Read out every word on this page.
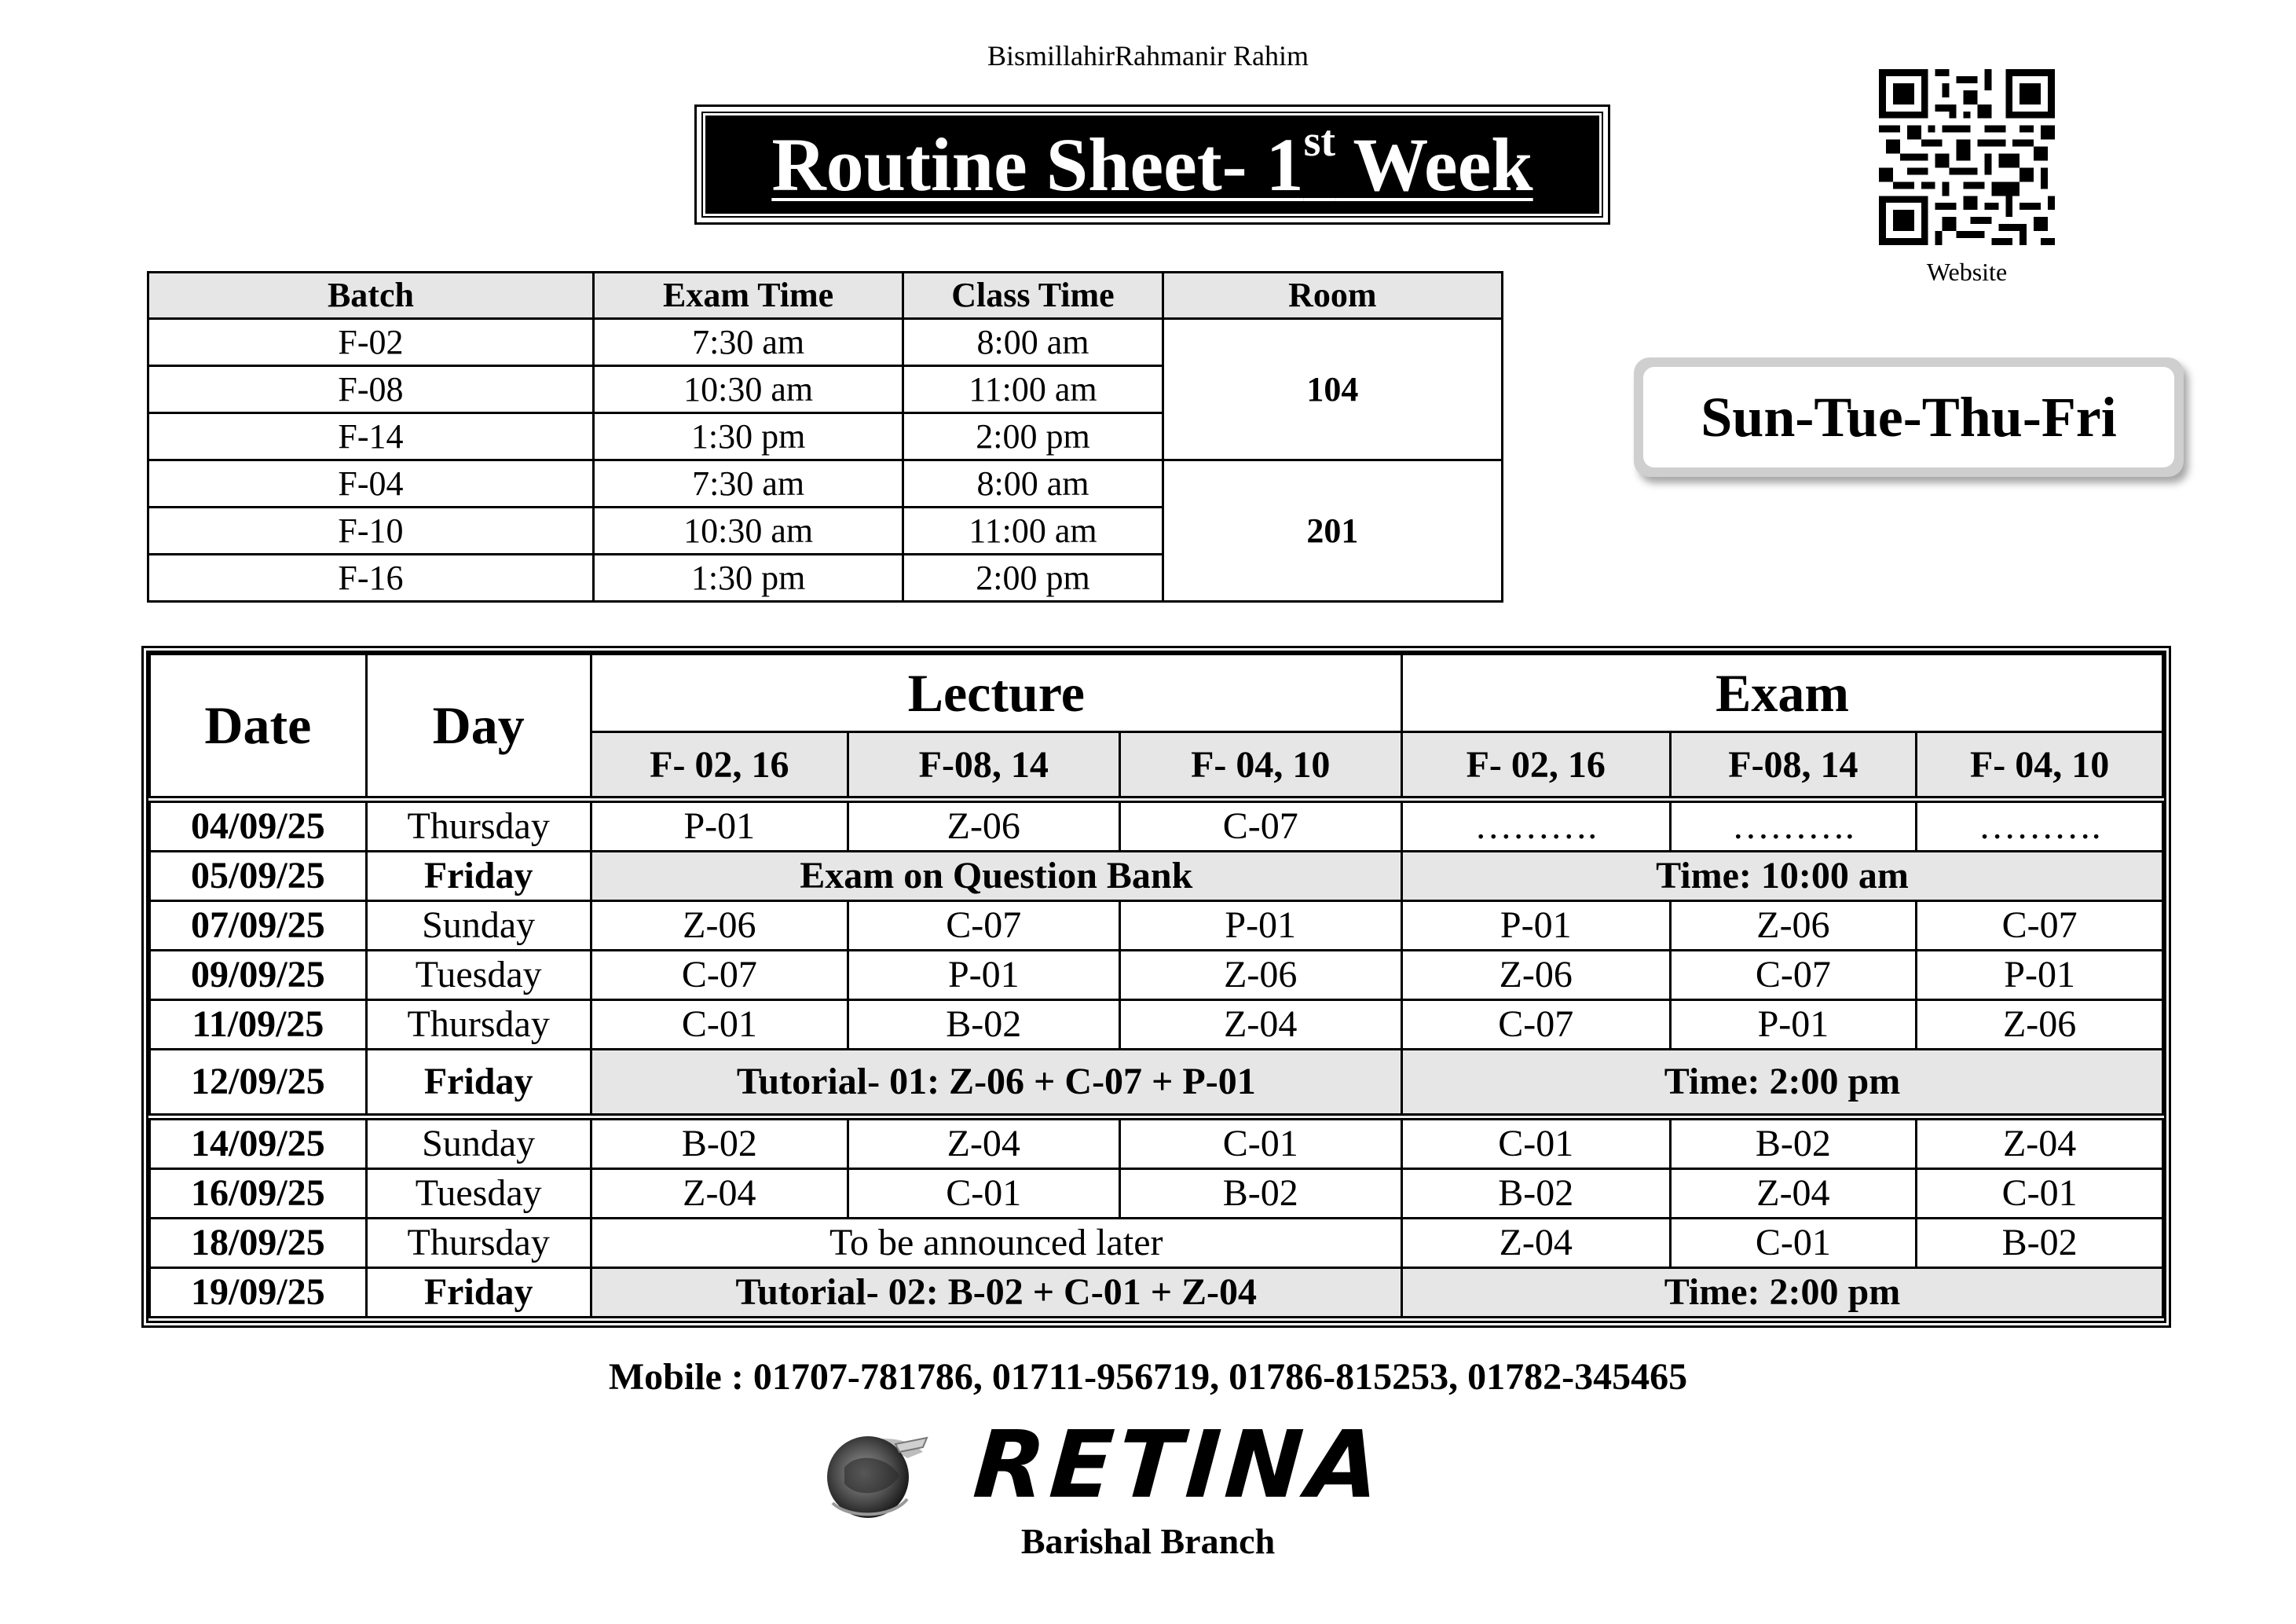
BismillahirRahmanir Rahim
Routine Sheet- 1st Week
Website
Sun-Tue-Thu-Fri
Batch	Exam Time	Class Time	Room
F-02	7:30 am	8:00 am	104
F-08	10:30 am	11:00 am	
F-14	1:30 pm	2:00 pm	
F-04	7:30 am	8:00 am	201
F-10	10:30 am	11:00 am	
F-16	1:30 pm	2:00 pm	
Date	Day	Lecture			Exam		
		F- 02, 16	F-08, 14	F- 04, 10	F- 02, 16	F-08, 14	F- 04, 10
04/09/25	Thursday	P-01	Z-06	C-07	……….	……….	……….
05/09/25	Friday	Exam on Question Bank			Time: 10:00 am		
07/09/25	Sunday	Z-06	C-07	P-01	P-01	Z-06	C-07
09/09/25	Tuesday	C-07	P-01	Z-06	Z-06	C-07	P-01
11/09/25	Thursday	C-01	B-02	Z-04	C-07	P-01	Z-06
12/09/25	Friday	Tutorial- 01: Z-06 + C-07 + P-01			Time: 2:00 pm		
14/09/25	Sunday	B-02	Z-04	C-01	C-01	B-02	Z-04
16/09/25	Tuesday	Z-04	C-01	B-02	B-02	Z-04	C-01
18/09/25	Thursday	To be announced later			Z-04	C-01	B-02
19/09/25	Friday	Tutorial- 02: B-02 + C-01 + Z-04			Time: 2:00 pm		
Mobile : 01707-781786, 01711-956719, 01786-815253, 01782-345465
RETINA
Barishal Branch
